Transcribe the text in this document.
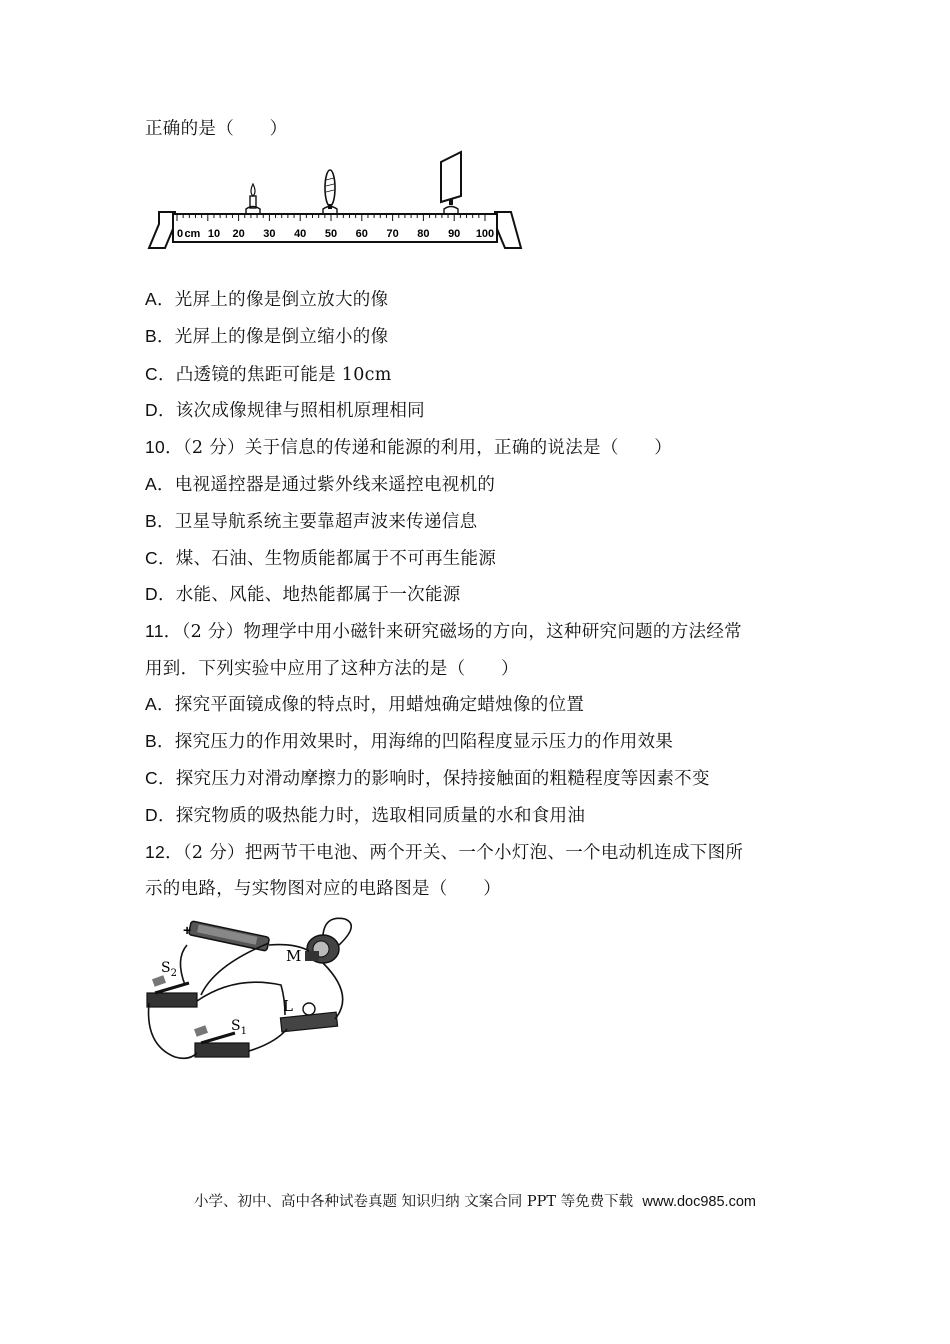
正确的是（　　）
0 cm 10 20 30 40 50 60 70 80 90 100
A．光屏上的像是倒立放大的像
B．光屏上的像是倒立缩小的像
C．凸透镜的焦距可能是 10cm
D．该次成像规律与照相机原理相同
10．（2 分）关于信息的传递和能源的利用，正确的说法是（　　）
A．电视遥控器是通过紫外线来遥控电视机的
B．卫星导航系统主要靠超声波来传递信息
C．煤、石油、生物质能都属于不可再生能源
D．水能、风能、地热能都属于一次能源
11．（2 分）物理学中用小磁针来研究磁场的方向，这种研究问题的方法经常
用到．下列实验中应用了这种方法的是（　　）
A．探究平面镜成像的特点时，用蜡烛确定蜡烛像的位置
B．探究压力的作用效果时，用海绵的凹陷程度显示压力的作用效果
C．探究压力对滑动摩擦力的影响时，保持接触面的粗糙程度等因素不变
D．探究物质的吸热能力时，选取相同质量的水和食用油
12．（2 分）把两节干电池、两个开关、一个小灯泡、一个电动机连成下图所
示的电路，与实物图对应的电路图是（　　）
+
M
$S_2$
L
$S_1$
小学、初中、高中各种试卷真题 知识归纳 文案合同 PPT 等免费下载 www.doc985.com
